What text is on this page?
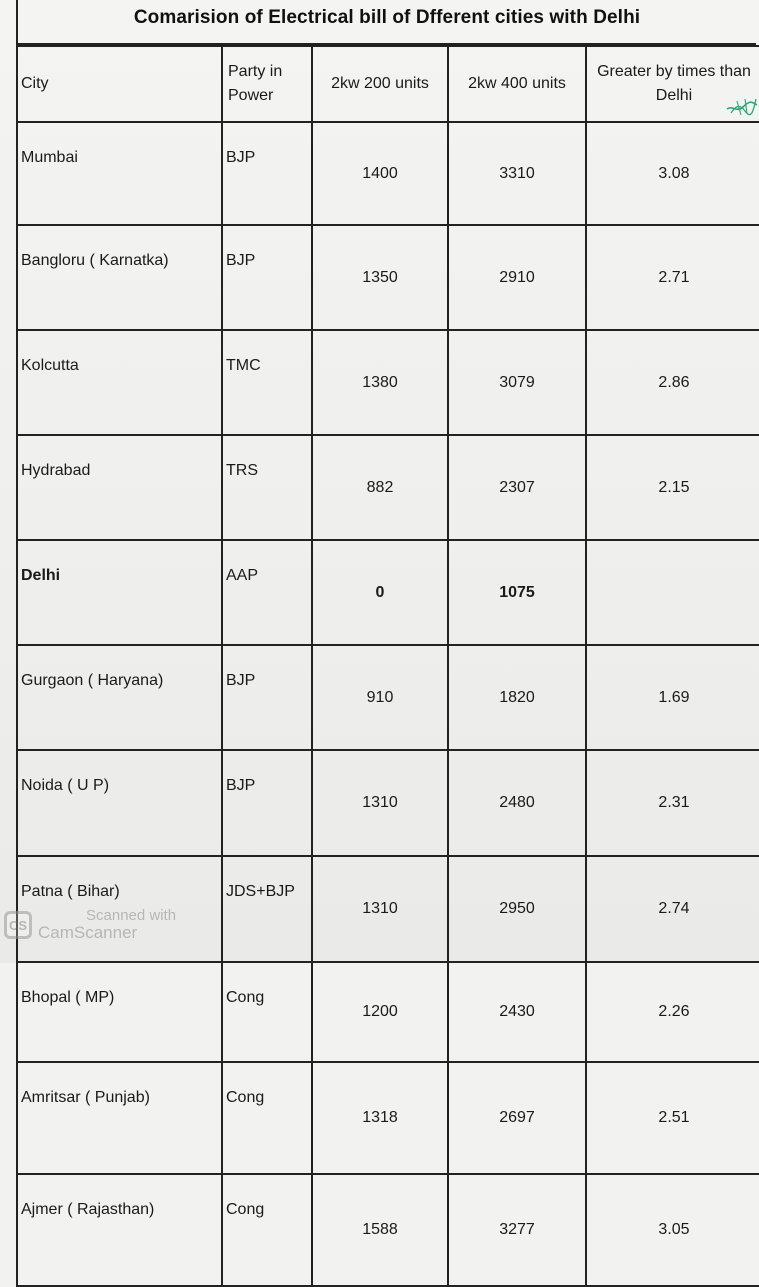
Comarision of Electrical bill of Dfferent cities with Delhi
City	Party in Power	2kw 200 units	2kw 400 units	Greater by times than Delhi

Mumbai	BJP	1400	3310	3.08
Bangloru ( Karnatka)	BJP	1350	2910	2.71
Kolcutta	TMC	1380	3079	2.86
Hydrabad	TRS	882	2307	2.15
Delhi	AAP	0	1075	
Gurgaon ( Haryana)	BJP	910	1820	1.69
Noida ( U P)	BJP	1310	2480	2.31
Patna ( Bihar)	JDS+BJP	1310	2950	2.74
Bhopal ( MP)	Cong	1200	2430	2.26
Amritsar ( Punjab)	Cong	1318	2697	2.51
Ajmer ( Rajasthan)	Cong	1588	3277	3.05
CS
Scanned with
CamScanner
